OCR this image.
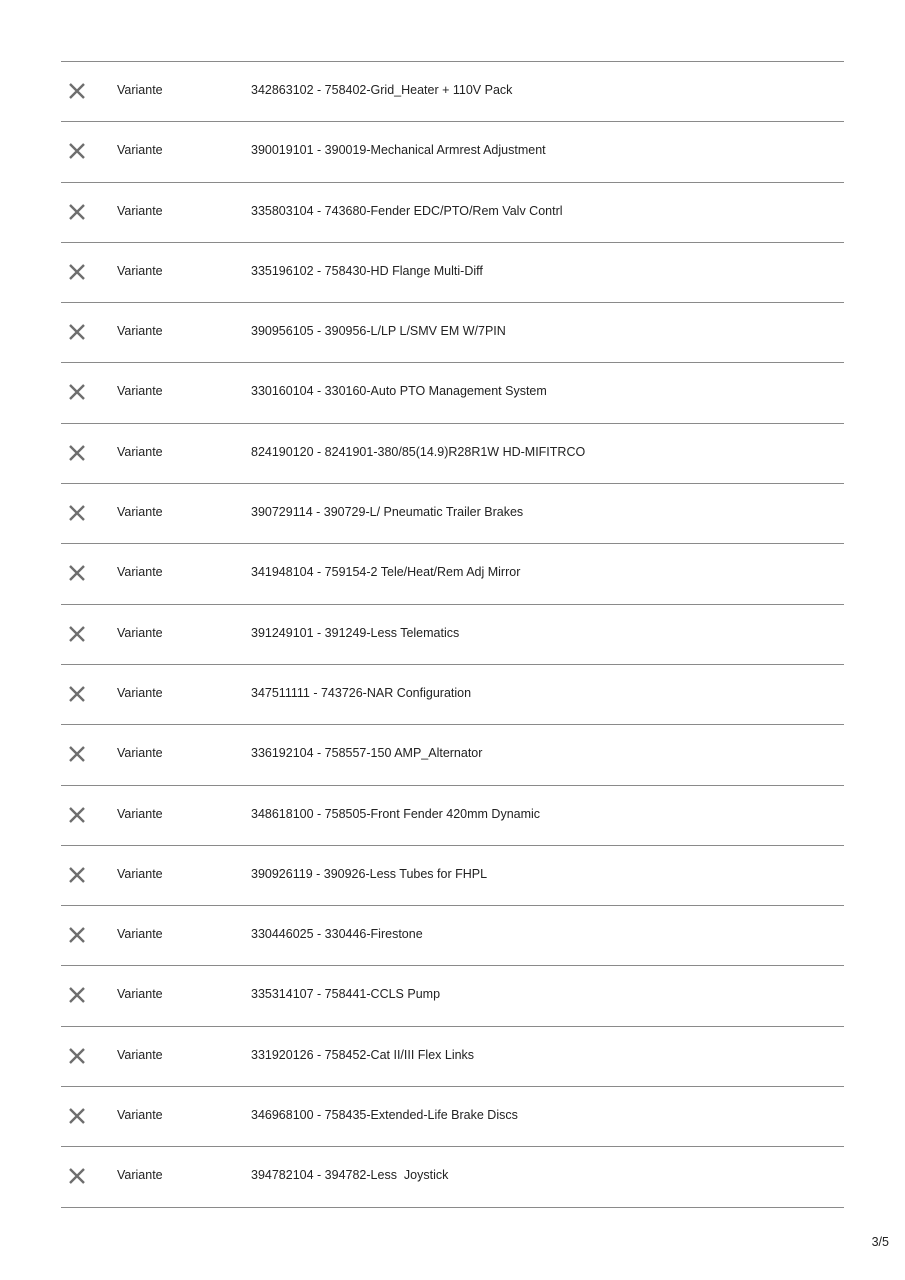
Variante	342863102 - 758402-Grid_Heater + 110V Pack
Variante	390019101 - 390019-Mechanical Armrest Adjustment
Variante	335803104 - 743680-Fender EDC/PTO/Rem Valv Contrl
Variante	335196102 - 758430-HD Flange Multi-Diff
Variante	390956105 - 390956-L/LP L/SMV EM W/7PIN
Variante	330160104 - 330160-Auto PTO Management System
Variante	824190120 - 8241901-380/85(14.9)R28R1W HD-MIFITRCO
Variante	390729114 - 390729-L/ Pneumatic Trailer Brakes
Variante	341948104 - 759154-2 Tele/Heat/Rem Adj Mirror
Variante	391249101 - 391249-Less Telematics
Variante	347511111 - 743726-NAR Configuration
Variante	336192104 - 758557-150 AMP_Alternator
Variante	348618100 - 758505-Front Fender 420mm Dynamic
Variante	390926119 - 390926-Less Tubes for FHPL
Variante	330446025 - 330446-Firestone
Variante	335314107 - 758441-CCLS Pump
Variante	331920126 - 758452-Cat II/III Flex Links
Variante	346968100 - 758435-Extended-Life Brake Discs
Variante	394782104 - 394782-Less  Joystick
3/5
